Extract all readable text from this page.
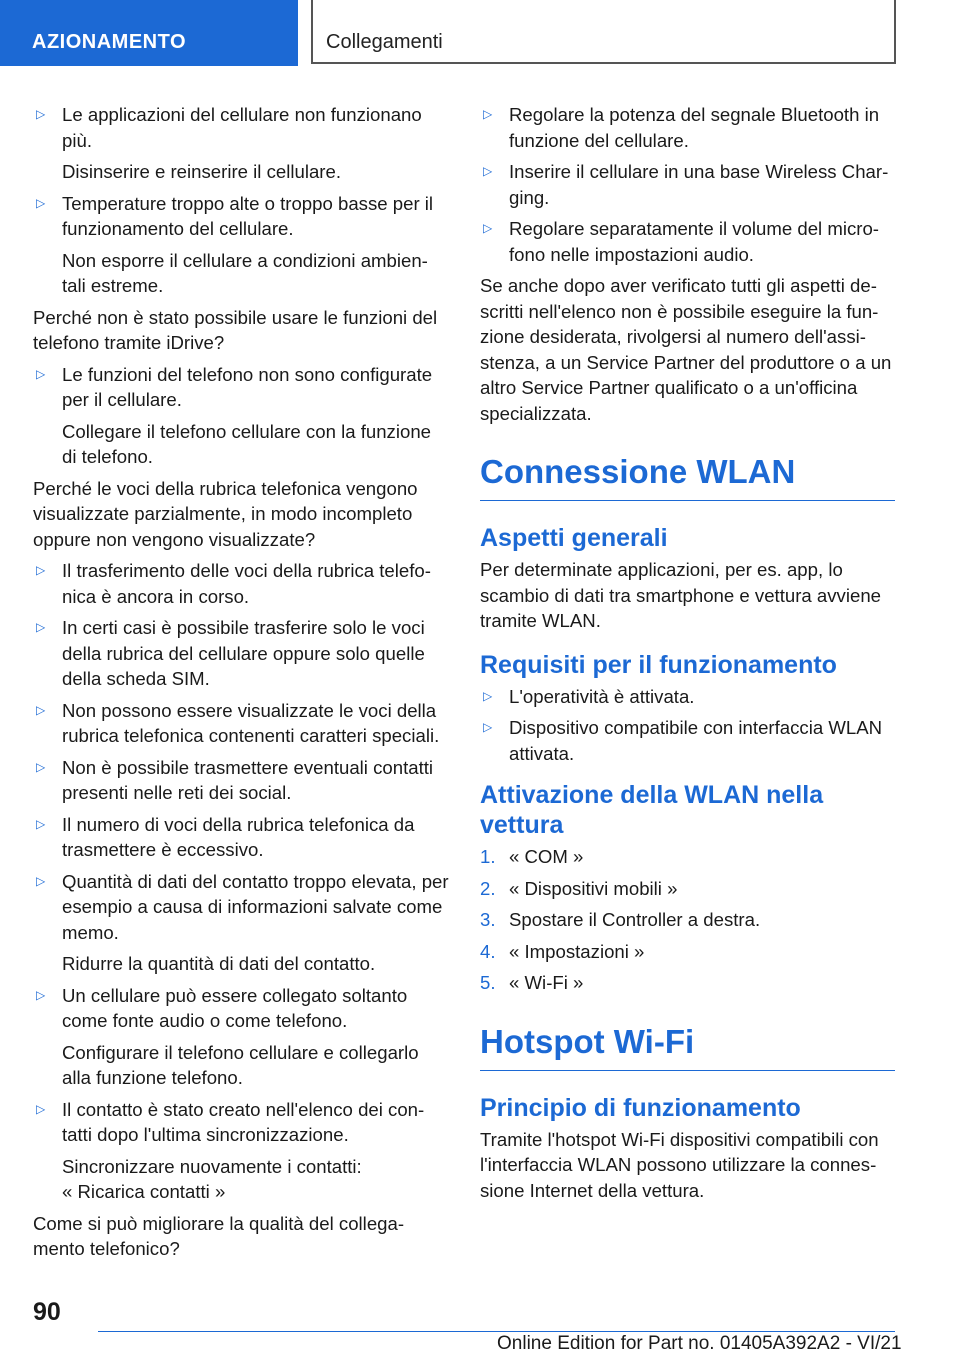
AZIONAMENTO	Collegamenti
▷ Le applicazioni del cellulare non funzionano più.
Disinserire e reinserire il cellulare.
▷ Temperature troppo alte o troppo basse per il funzionamento del cellulare.
Non esporre il cellulare a condizioni ambien- tali estreme.
Perché non è stato possibile usare le funzioni del telefono tramite iDrive?
▷ Le funzioni del telefono non sono configurate per il cellulare.
Collegare il telefono cellulare con la funzione di telefono.
Perché le voci della rubrica telefonica vengono visualizzate parzialmente, in modo incompleto oppure non vengono visualizzate?
▷ Il trasferimento delle voci della rubrica telefo- nica è ancora in corso.
▷ In certi casi è possibile trasferire solo le voci della rubrica del cellulare oppure solo quelle della scheda SIM.
▷ Non possono essere visualizzate le voci della rubrica telefonica contenenti caratteri speciali.
▷ Non è possibile trasmettere eventuali contatti presenti nelle reti dei social.
▷ Il numero di voci della rubrica telefonica da trasmettere è eccessivo.
▷ Quantità di dati del contatto troppo elevata, per esempio a causa di informazioni salvate come memo.
Ridurre la quantità di dati del contatto.
▷ Un cellulare può essere collegato soltanto come fonte audio o come telefono.
Configurare il telefono cellulare e collegarlo alla funzione telefono.
▷ Il contatto è stato creato nell'elenco dei con- tatti dopo l'ultima sincronizzazione.
Sincronizzare nuovamente i contatti:
« Ricarica contatti »
Come si può migliorare la qualità del collega- mento telefonico?
▷ Regolare la potenza del segnale Bluetooth in funzione del cellulare.
▷ Inserire il cellulare in una base Wireless Char- ging.
▷ Regolare separatamente il volume del micro- fono nelle impostazioni audio.
Se anche dopo aver verificato tutti gli aspetti de- scritti nell'elenco non è possibile eseguire la fun- zione desiderata, rivolgersi al numero dell'assi- stenza, a un Service Partner del produttore o a un altro Service Partner qualificato o a un'officina specializzata.
Connessione WLAN
Aspetti generali
Per determinate applicazioni, per es. app, lo scambio di dati tra smartphone e vettura avviene tramite WLAN.
Requisiti per il funzionamento
▷ L'operatività è attivata.
▷ Dispositivo compatibile con interfaccia WLAN attivata.
Attivazione della WLAN nella vettura
1. « COM »
2. « Dispositivi mobili »
3. Spostare il Controller a destra.
4. « Impostazioni »
5. « Wi-Fi »
Hotspot Wi-Fi
Principio di funzionamento
Tramite l'hotspot Wi-Fi dispositivi compatibili con l'interfaccia WLAN possono utilizzare la connes- sione Internet della vettura.
90
Online Edition for Part no. 01405A392A2 - VI/21
